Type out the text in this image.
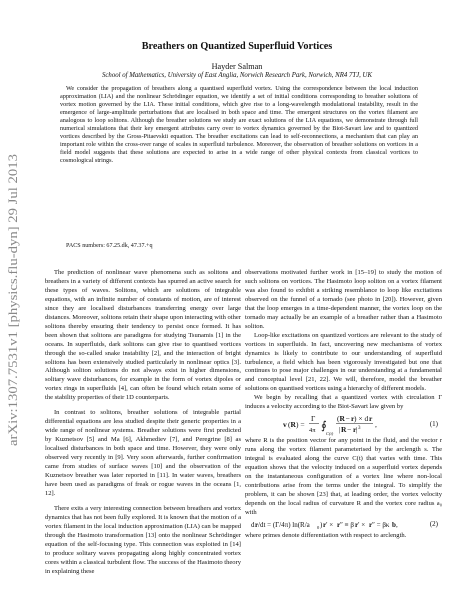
arXiv:1307.7531v1 [physics.flu-dyn] 29 Jul 2013
Breathers on Quantized Superfluid Vortices
Hayder Salman
School of Mathematics, University of East Anglia, Norwich Research Park, Norwich, NR4 7TJ, UK
We consider the propagation of breathers along a quantised superfluid vortex. Using the correspondence between the local induction approximation (LIA) and the nonlinear Schrödinger equation, we identify a set of initial conditions corresponding to breather solutions of vortex motion governed by the LIA. These initial conditions, which give rise to a long-wavelength modulational instability, result in the emergence of large-amplitude perturbations that are localised in both space and time. The emergent structures on the vortex filament are analogous to loop solitons. Although the breather solutions we study are exact solutions of the LIA equations, we demonstrate through full numerical simulations that their key emergent attributes carry over to vortex dynamics governed by the Biot-Savart law and to quantized vortices described by the Gross-Pitaevskii equation. The breather excitations can lead to self-reconnections, a mechanism that can play an important role within the cross-over range of scales in superfluid turbulence. Moreover, the observation of breather solutions on vortices in a field model suggests that these solutions are expected to arise in a wide range of other physical contexts from classical vortices to cosmological strings.
PACS numbers: 67.25.dk, 47.37.+q

The prediction of nonlinear wave phenomena such as solitons and breathers in a variety of different contexts has spurred an active search for these types of waves. Solitons, which are solutions of integrable equations, with an infinite number of constants of motion, are of interest since they are localised disturbances transferring energy over large distances. Moreover, solitons retain their shape upon interacting with other solitons thereby ensuring their tendency to persist once formed. It has been shown that solitons are paradigms for studying Tsunamis [1] in the oceans. In superfluids, dark solitons can give rise to quantised vortices through the so-called snake instability [2], and the interaction of bright solitons has been extensively studied particularly in nonlinear optics [3]. Although soliton solutions do not always exist in higher dimensions, solitary wave disturbances, for example in the form of vortex dipoles or vortex rings in superfluids [4], can often be found which retain some of the stability properties of their 1D counterparts.

In contrast to solitons, breather solutions of integrable partial differential equations are less studied despite their generic properties in a wide range of nonlinear systems. Breather solutions were first predicted by Kuznetsov [5] and Ma [6], Akhmediev [7], and Peregrine [8] as localised disturbances in both space and time. However, they were only observed very recently in [9]. Very soon afterwards, further confirmation came from studies of surface waves [10] and the observation of the Kuznetsov breather was later reported in [11]. In water waves, breathers have been used as paradigms of freak or rogue waves in the oceans [1, 12].

There exits a very interesting connection between breathers and vortex dynamics that has not been fully explored. It is known that the motion of a vortex filament in the local induction approximation (LIA) can be mapped through the Hasimoto transformation [13] onto the nonlinear Schrödinger equation of the self-focusing type. This connection was exploited in [14] to produce solitary waves propagating along highly concentrated vortex cores within a classical turbulent flow. The success of the Hasimoto theory in explaining these

observations motivated further work in [15–19] to study the motion of such solitons on vortices. The Hasimoto loop soliton on a vortex filament was also found to exhibit a striking resemblance to loop like excitations observed on the funnel of a tornado (see photo in [20]). However, given that the loop emerges in a time-dependent manner, the vortex loop on the tornado may actually be an example of a breather rather than a Hasimoto soliton.

Loop-like excitations on quantized vortices are relevant to the study of vortices in superfluids. In fact, uncovering new mechanisms of vortex dynamics is likely to contribute to our understanding of superfluid turbulence, a field which has been vigorously investigated but one that continues to pose major challenges in our understanding at a fundamental and conceptual level [21, 22]. We will, therefore, model the breather solutions on quantised vortices using a hierarchy of different models.

We begin by recalling that a quantized vortex with circulation Γ induces a velocity according to the Biot-Savart law given by

v ( R ) =
Γ
4π ∮
C(t)
( R − r ) × d r
| R − r | 3 ,	(1)

where R is the position vector for any point in the fluid, and the vector r runs along the vortex filament parameterised by the arclength s. The integral is evaluated along the curve C(t) that varies with time. This equation shows that the velocity induced on a superfluid vortex depends on the instantaneous configuration of a vortex line where non-local contributions arise from the terms under the integral. To simplify the problem, it can be shown [23] that, at leading order, the vortex velocity depends on the local radius of curvature R and the vortex core radius a₀ with

d r /dt = (Γ/4π) ln(R/a 0 ) r ′ × r ″ ≡ β r ′ × r ″ = βκ b ,	(2)

where primes denote differentiation with respect to arclength.
